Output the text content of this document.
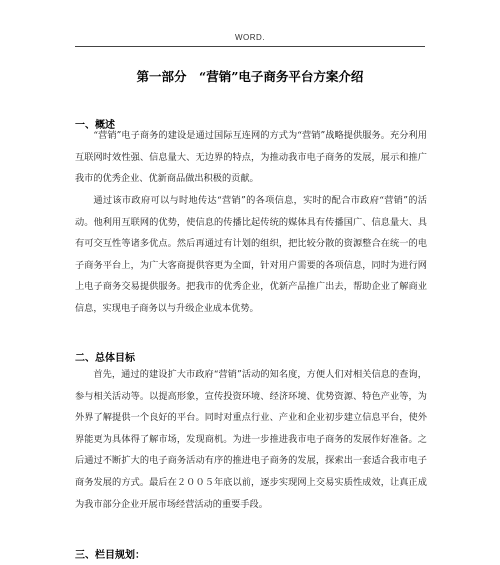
WORD.
第一部分　“营销”电子商务平台方案介绍
一、概述

“营销”电子商务的建设是通过国际互连网的方式为“营销”战略提供服务。充分利用互联网时效性强、信息量大、无边界的特点，为推动我市电子商务的发展，展示和推广我市的优秀企业、优新商品做出积极的贡献。

通过该市政府可以与时地传达“营销”的各项信息，实时的配合市政府“营销”的活动。他利用互联网的优势，使信息的传播比起传统的媒体具有传播国广、信息量大、具有可交互性等诸多优点。然后再通过有计划的组织，把比较分散的资源整合在统一的电子商务平台上，为广大客商提供容更为全面，针对用户需要的各项信息，同时为进行网上电子商务交易提供服务。把我市的优秀企业，优新产品推广出去，帮助企业了解商业信息，实现电子商务以与升级企业成本优势。

二、总体目标

首先，通过的建设扩大市政府“营销”活动的知名度，方便人们对相关信息的查询，参与相关活动等。以提高形象，宣传投资环境、经济环境、优势资源、特色产业等，为外界了解提供一个良好的平台。同时对重点行业、产业和企业初步建立信息平台，使外界能更为具体得了解市场，发现商机。为进一步推进我市电子商务的发展作好准备。之后通过不断扩大的电子商务活动有序的推进电子商务的发展，探索出一套适合我市电子商务发展的方式。最后在２００５年底以前，逐步实现网上交易实质性成效，让真正成为我市部分企业开展市场经营活动的重要手段。

三、栏目规划：
